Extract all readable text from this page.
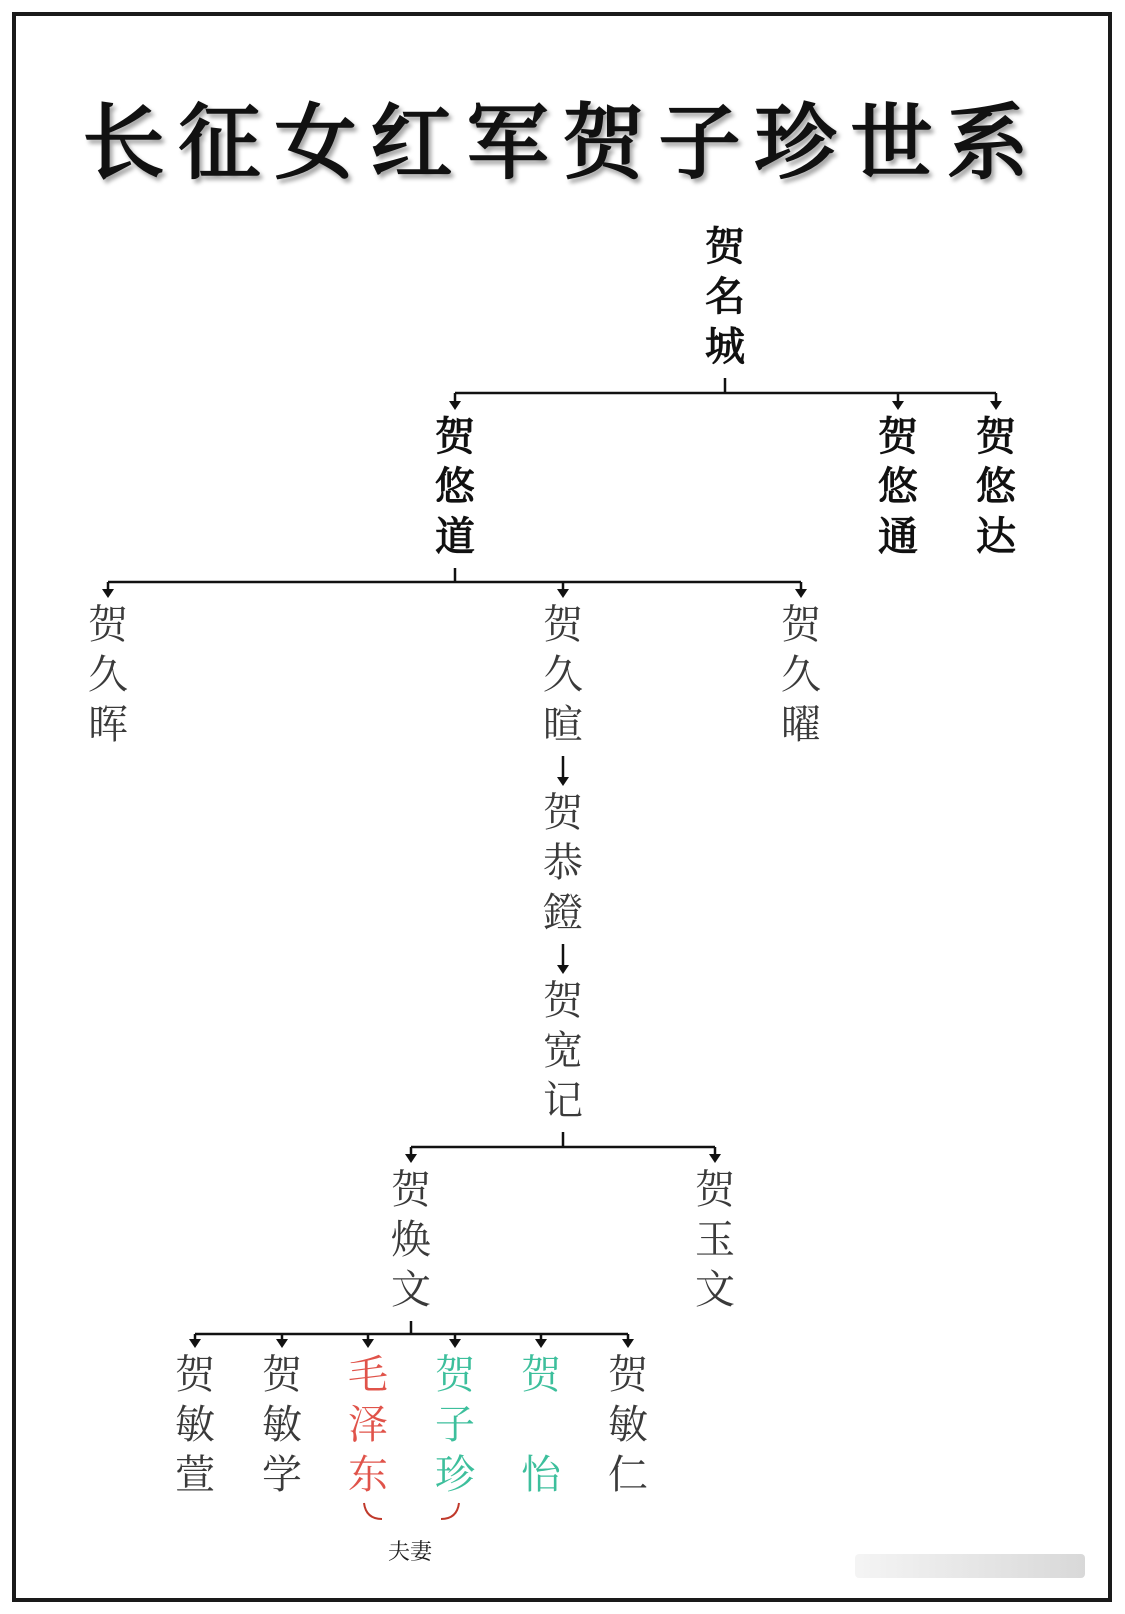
长征女红军贺子珍世系
贺
名
城
贺
悠
道
贺
悠
通
贺
悠
达
贺
久
晖
贺
久
暄
贺
久
曜
贺
恭
鐙
贺
宽
记
贺
焕
文
贺
玉
文
贺
敏
萱
贺
敏
学
毛
泽
东
贺
子
珍
贺
怡
贺
敏
仁
夫妻
